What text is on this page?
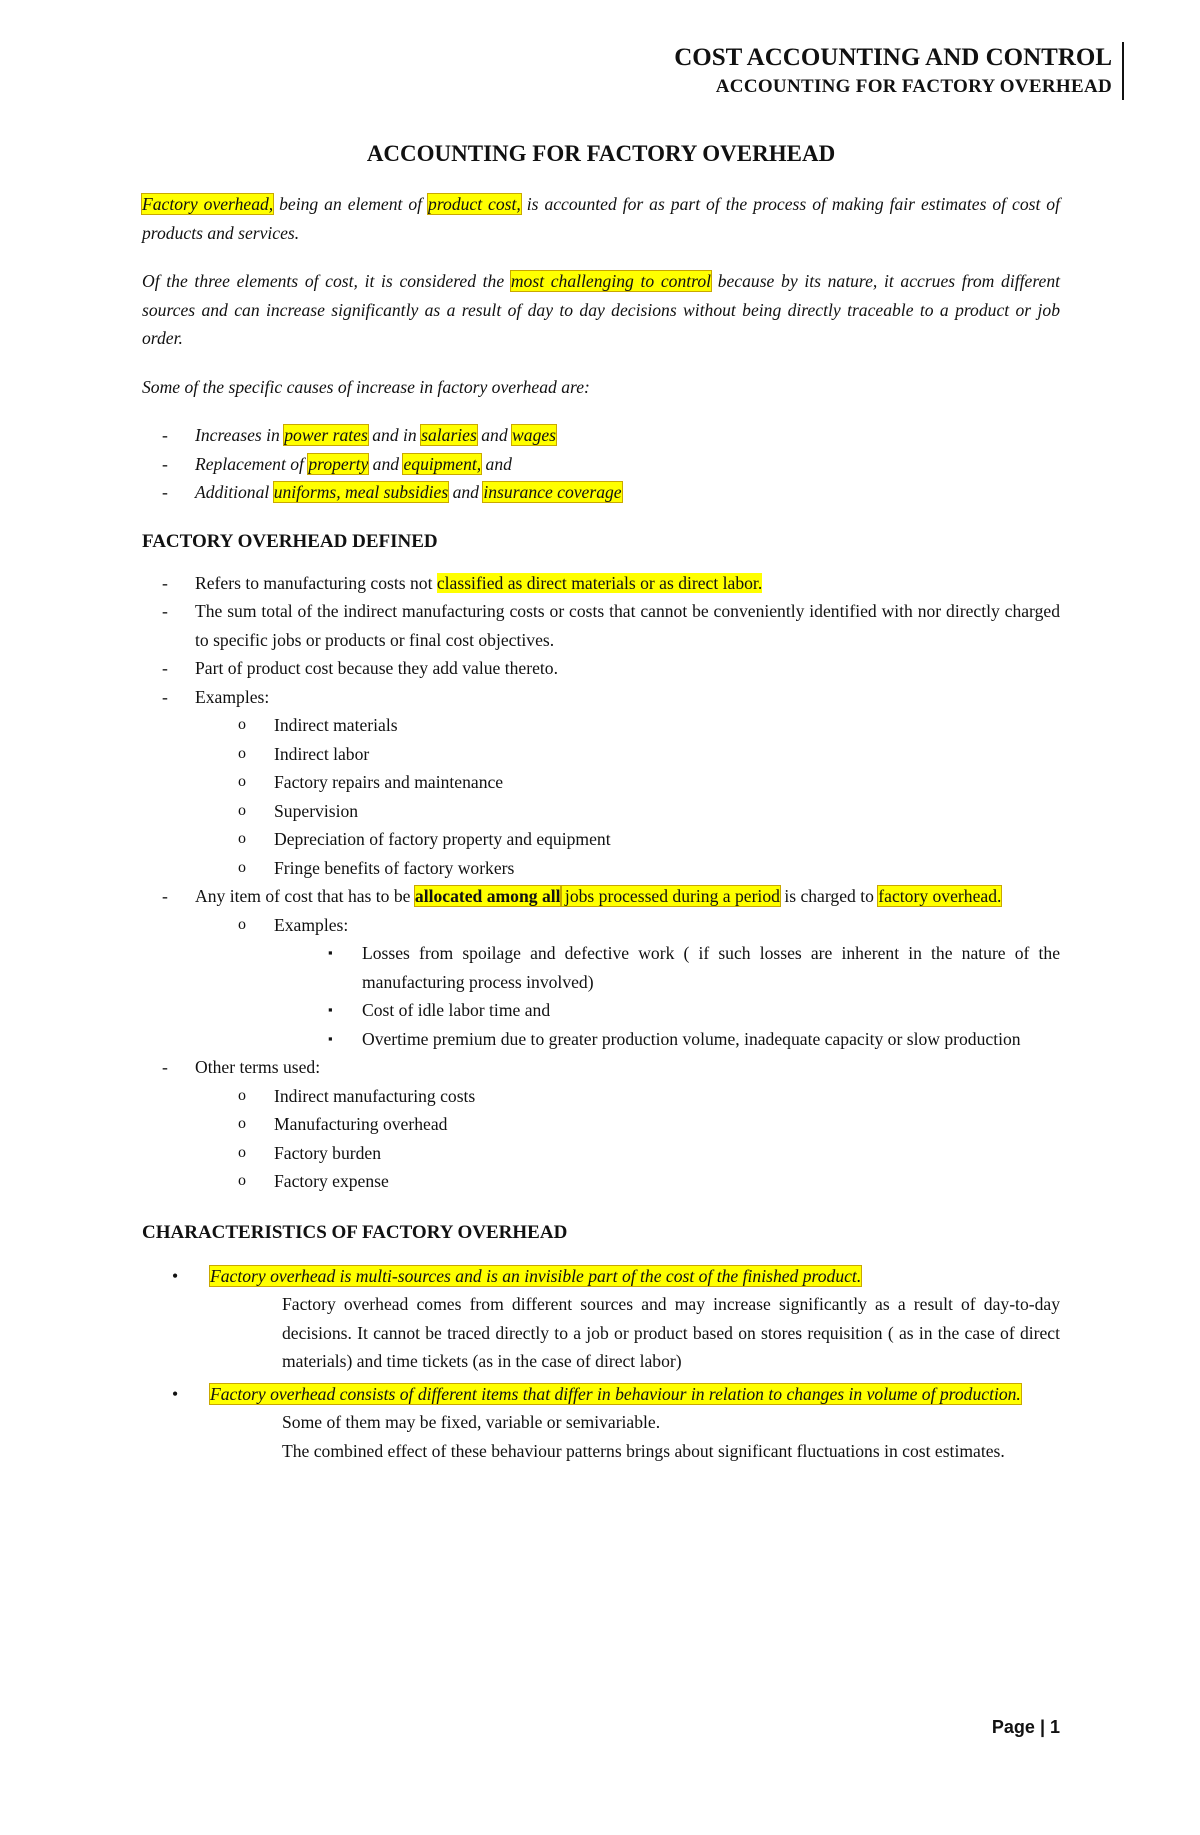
COST ACCOUNTING AND CONTROL
ACCOUNTING FOR FACTORY OVERHEAD
ACCOUNTING FOR FACTORY OVERHEAD

Factory overhead, being an element of product cost, is accounted for as part of the process of making fair estimates of cost of products and services.

Of the three elements of cost, it is considered the most challenging to control because by its nature, it accrues from different sources and can increase significantly as a result of day to day decisions without being directly traceable to a product or job order.

Some of the specific causes of increase in factory overhead are:

- Increases in power rates and in salaries and wages
- Replacement of property and equipment, and
- Additional uniforms, meal subsidies and insurance coverage
FACTORY OVERHEAD DEFINED
- Refers to manufacturing costs not classified as direct materials or as direct labor.
- The sum total of the indirect manufacturing costs or costs that cannot be conveniently identified with nor directly charged to specific jobs or products or final cost objectives.
- Part of product cost because they add value thereto.
- Examples:
o Indirect materials
o Indirect labor
o Factory repairs and maintenance
o Supervision
o Depreciation of factory property and equipment
o Fringe benefits of factory workers
- Any item of cost that has to be allocated among all jobs processed during a period is charged to factory overhead.
o Examples:
▪ Losses from spoilage and defective work ( if such losses are inherent in the nature of the manufacturing process involved)
▪ Cost of idle labor time and
▪ Overtime premium due to greater production volume, inadequate capacity or slow production
- Other terms used:
o Indirect manufacturing costs
o Manufacturing overhead
o Factory burden
o Factory expense
CHARACTERISTICS OF FACTORY OVERHEAD
• Factory overhead is multi-sources and is an invisible part of the cost of the finished product.

Factory overhead comes from different sources and may increase significantly as a result of day-to-day decisions. It cannot be traced directly to a job or product based on stores requisition ( as in the case of direct materials) and time tickets (as in the case of direct labor)

• Factory overhead consists of different items that differ in behaviour in relation to changes in volume of production.

Some of them may be fixed, variable or semivariable.

The combined effect of these behaviour patterns brings about significant fluctuations in cost estimates.

Page | 1
